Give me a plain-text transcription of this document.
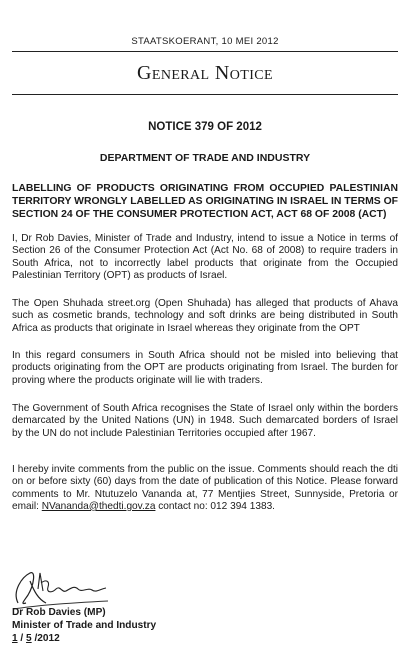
STAATSKOERANT, 10 MEI 2012
General Notice
NOTICE 379 OF 2012
DEPARTMENT OF TRADE AND INDUSTRY
LABELLING OF PRODUCTS ORIGINATING FROM OCCUPIED PALESTINIAN TERRITORY WRONGLY LABELLED AS ORIGINATING IN ISRAEL IN TERMS OF SECTION 24 OF THE CONSUMER PROTECTION ACT, ACT 68 OF 2008 (ACT)
I, Dr Rob Davies, Minister of Trade and Industry, intend to issue a Notice in terms of Section 26 of the Consumer Protection Act (Act No. 68 of 2008) to require traders in South Africa, not to incorrectly label products that originate from the Occupied Palestinian Territory (OPT) as products of Israel.
The Open Shuhada street.org (Open Shuhada) has alleged that products of Ahava such as cosmetic brands, technology and soft drinks are being distributed in South Africa as products that originate in Israel whereas they originate from the OPT
In this regard consumers in South Africa should not be misled into believing that products originating from the OPT are products originating from Israel. The burden for proving where the products originate will lie with traders.
The Government of South Africa recognises the State of Israel only within the borders demarcated by the United Nations (UN) in 1948. Such demarcated borders of Israel by the UN do not include Palestinian Territories occupied after 1967.
I hereby invite comments from the public on the issue. Comments should reach the dti on or before sixty (60) days from the date of publication of this Notice. Please forward comments to Mr. Ntutuzelo Vananda at, 77 Mentjies Street, Sunnyside, Pretoria or email: NVananda@thedti.gov.za contact no: 012 394 1383.
Dr Rob Davies (MP)
Minister of Trade and Industry
1 / 5 /2012
